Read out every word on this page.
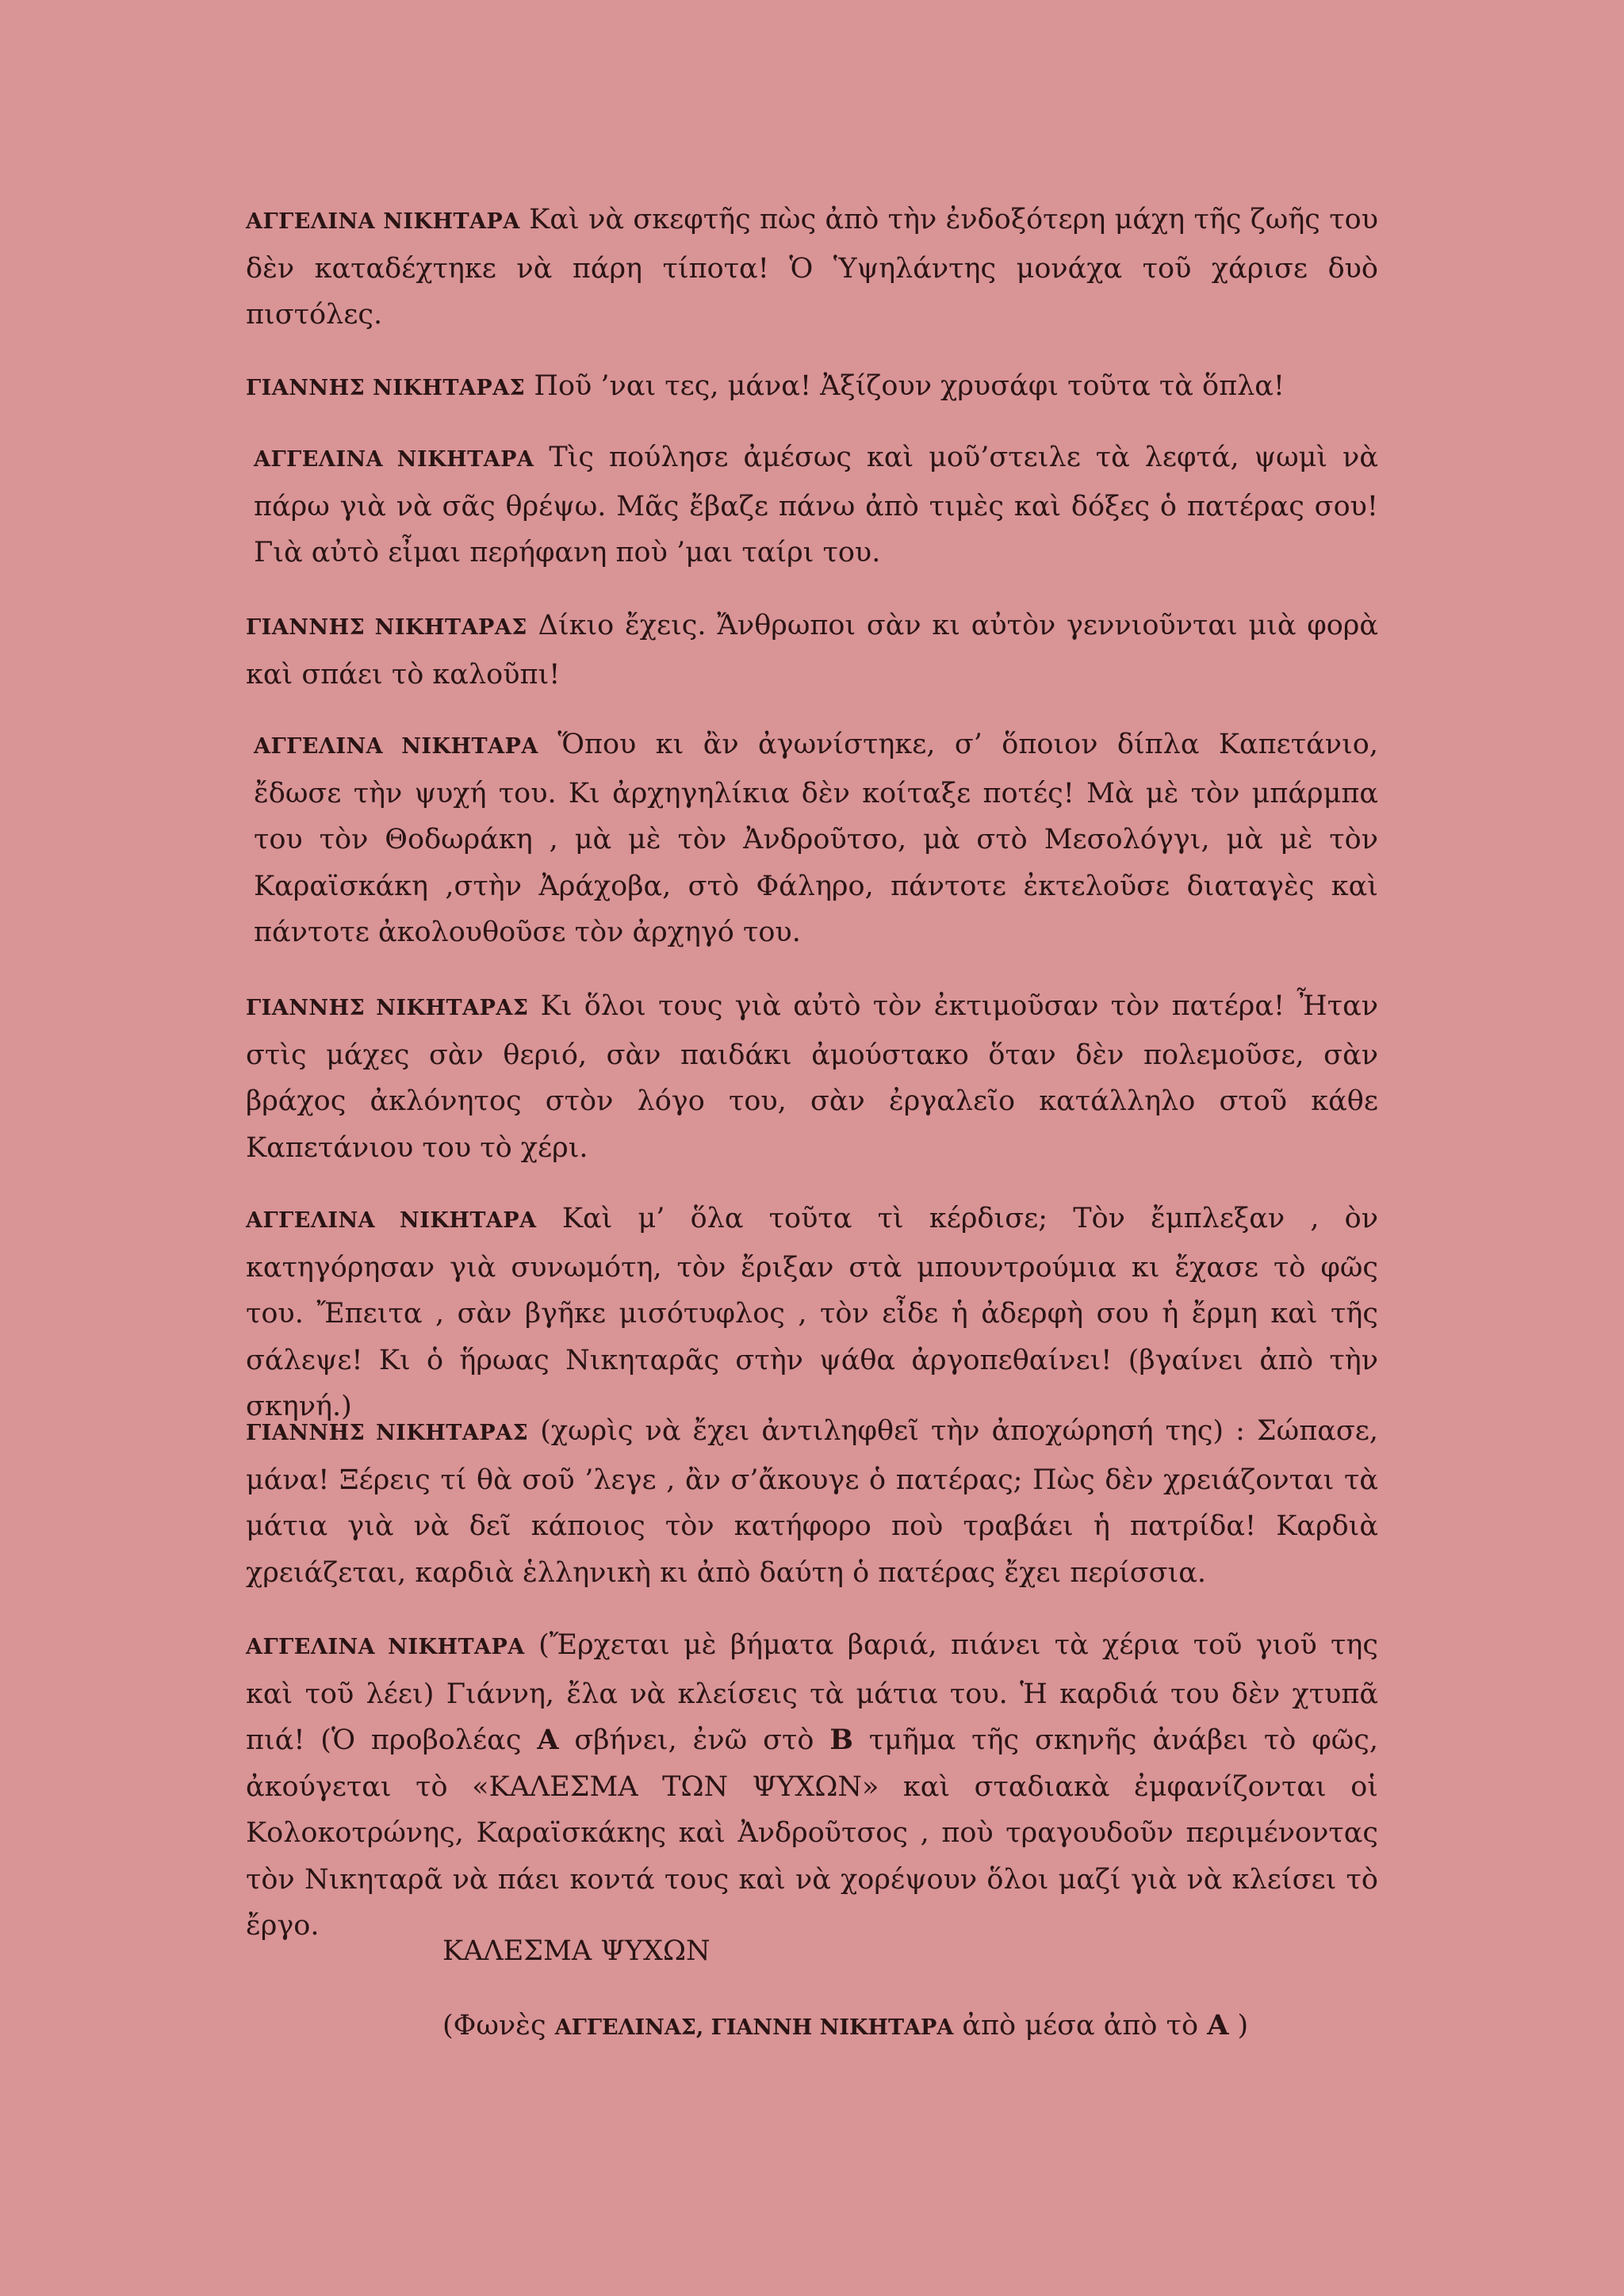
ΑΓΓΕΛΙΝΑ ΝΙΚΗΤΑΡΑ Καὶ νὰ σκεφτῆς πὼς ἀπὸ τὴν ἐνδοξότερη μάχη τῆς ζωῆς του δὲν καταδέχτηκε νὰ πάρη τίποτα! Ὁ Ὑψηλάντης μονάχα τοῦ χάρισε δυὸ πιστόλες.

ΓΙΑΝΝΗΣ ΝΙΚΗΤΑΡΑΣ Ποῦ ’ναι τες, μάνα! Ἀξίζουν χρυσάφι τοῦτα τὰ ὅπλα!

ΑΓΓΕΛΙΝΑ ΝΙΚΗΤΑΡΑ Τὶς πούλησε ἀμέσως καὶ μοῦ’στειλε τὰ λεφτά, ψωμὶ νὰ πάρω γιὰ νὰ σᾶς θρέψω. Μᾶς ἔβαζε πάνω ἀπὸ τιμὲς καὶ δόξες ὁ πατέρας σου! Γιὰ αὐτὸ εἶμαι περήφανη ποὺ ’μαι ταίρι του.

ΓΙΑΝΝΗΣ ΝΙΚΗΤΑΡΑΣ Δίκιο ἔχεις. Ἄνθρωποι σὰν κι αὐτὸν γεννιοῦνται μιὰ φορὰ καὶ σπάει τὸ καλοῦπι!

ΑΓΓΕΛΙΝΑ ΝΙΚΗΤΑΡΑ Ὅπου κι ἂν ἀγωνίστηκε, σ’ ὅποιον δίπλα Καπετάνιο, ἔδωσε τὴν ψυχή του. Κι ἀρχηγηλίκια δὲν κοίταξε ποτές! Μὰ μὲ τὸν μπάρμπα του τὸν Θοδωράκη , μὰ μὲ τὸν Ἀνδροῦτσο, μὰ στὸ Μεσολόγγι, μὰ μὲ τὸν Καραϊσκάκη ,στὴν Ἀράχοβα, στὸ Φάληρο, πάντοτε ἐκτελοῦσε διαταγὲς καὶ πάντοτε ἀκολουθοῦσε τὸν ἀρχηγό του.

ΓΙΑΝΝΗΣ ΝΙΚΗΤΑΡΑΣ Κι ὅλοι τους γιὰ αὐτὸ τὸν ἐκτιμοῦσαν τὸν πατέρα! Ἦταν στὶς μάχες σὰν θεριό, σὰν παιδάκι ἀμούστακο ὅταν δὲν πολεμοῦσε, σὰν βράχος ἀκλόνητος στὸν λόγο του, σὰν ἐργαλεῖο κατάλληλο στοῦ κάθε Καπετάνιου του τὸ χέρι.

ΑΓΓΕΛΙΝΑ ΝΙΚΗΤΑΡΑ Καὶ μ’ ὅλα τοῦτα τὶ κέρδισε; Τὸν ἔμπλεξαν , ὸν κατηγόρησαν γιὰ συνωμότη, τὸν ἔριξαν στὰ μπουντρούμια κι ἔχασε τὸ φῶς του. Ἔπειτα , σὰν βγῆκε μισότυφλος , τὸν εἶδε ἡ ἀδερφὴ σου ἡ ἔρμη καὶ τῆς σάλεψε! Κι ὁ ἥρωας Νικηταρᾶς στὴν ψάθα ἀργοπεθαίνει! (βγαίνει ἀπὸ τὴν σκηνή.)

ΓΙΑΝΝΗΣ ΝΙΚΗΤΑΡΑΣ (χωρὶς νὰ ἔχει ἀντιληφθεῖ τὴν ἀποχώρησή της) : Σώπασε, μάνα! Ξέρεις τί θὰ σοῦ ’λεγε , ἂν σ’ἄκουγε ὁ πατέρας; Πὼς δὲν χρειάζονται τὰ μάτια γιὰ νὰ δεῖ κάποιος τὸν κατήφορο ποὺ τραβάει ἡ πατρίδα! Καρδιὰ χρειάζεται, καρδιὰ ἑλληνικὴ κι ἀπὸ δαύτη ὁ πατέρας ἔχει περίσσια.

ΑΓΓΕΛΙΝΑ ΝΙΚΗΤΑΡΑ (Ἔρχεται μὲ βήματα βαριά, πιάνει τὰ χέρια τοῦ γιοῦ της καὶ τοῦ λέει) Γιάννη, ἔλα νὰ κλείσεις τὰ μάτια του. Ἡ καρδιά του δὲν χτυπᾶ πιά! (Ὁ προβολέας Α σβήνει, ἐνῶ στὸ Β τμῆμα τῆς σκηνῆς ἀνάβει τὸ φῶς, ἀκούγεται τὸ «ΚΑΛΕΣΜΑ ΤΩΝ ΨΥΧΩΝ» καὶ σταδιακὰ ἐμφανίζονται οἱ Κολοκοτρώνης, Καραϊσκάκης καὶ Ἀνδροῦτσος , ποὺ τραγουδοῦν περιμένοντας τὸν Νικηταρᾶ νὰ πάει κοντά τους καὶ νὰ χορέψουν ὅλοι μαζί γιὰ νὰ κλείσει τὸ ἔργο.

ΚΑΛΕΣΜΑ ΨΥΧΩΝ

(Φωνὲς ΑΓΓΕΛΙΝΑΣ, ΓΙΑΝΝΗ ΝΙΚΗΤΑΡΑ ἀπὸ μέσα ἀπὸ τὸ Α )
